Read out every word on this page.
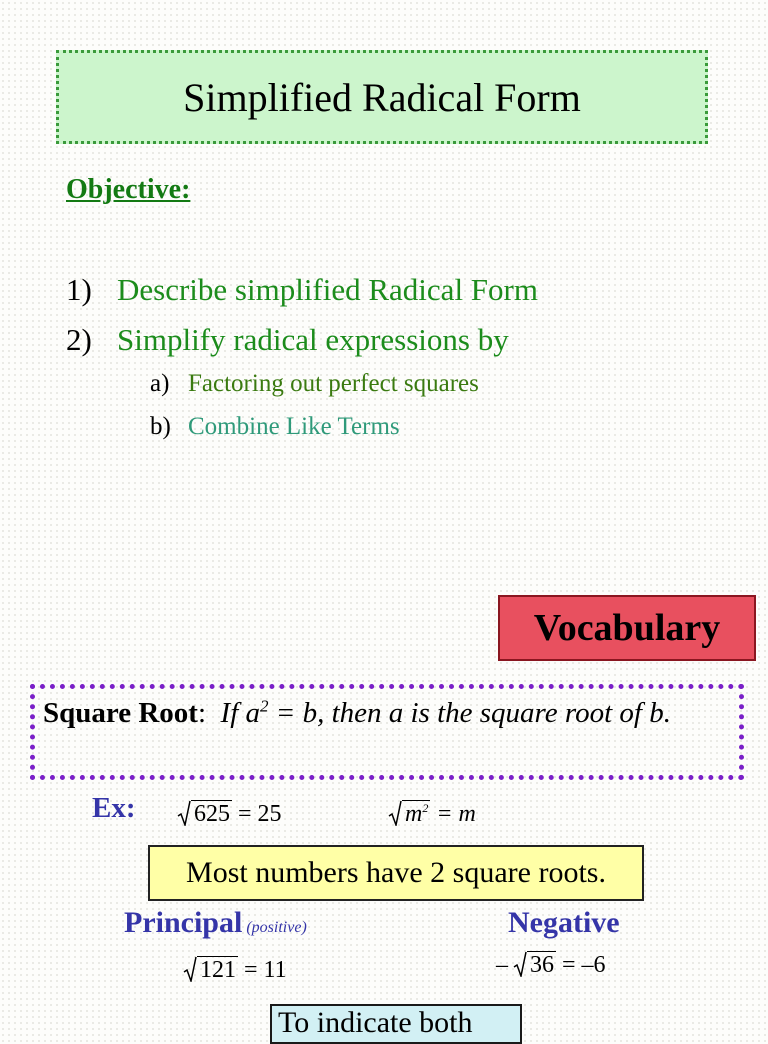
Simplified Radical Form
Objective:
1) Describe simplified Radical Form
2) Simplify radical expressions by
a) Factoring out perfect squares
b) Combine Like Terms
Vocabulary
Square Root: If $a^2 = b$, then a is the square root of b.
Ex: 625 = 25	$m^2 = m$
Most numbers have 2 square roots.
Principal (positive)	Negative
121 = 11	– 36 = –6
To indicate both
